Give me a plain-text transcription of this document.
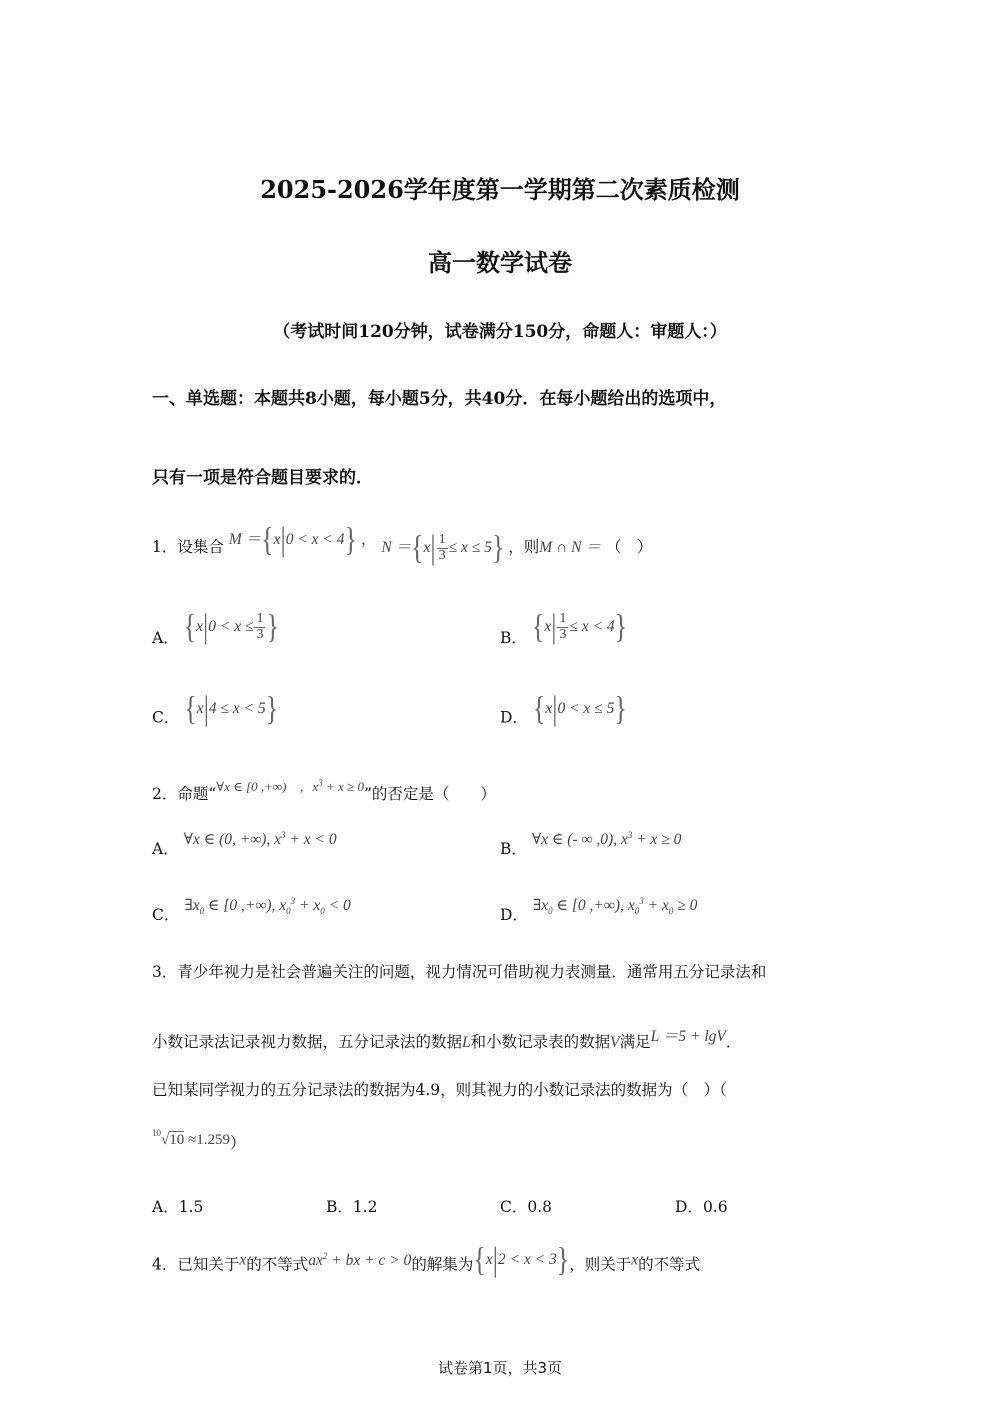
2025-2026学年度第一学期第二次素质检测
高一数学试卷
（考试时间120分钟，试卷满分150分，命题人：审题人：）
一、单选题：本题共8小题，每小题5分，共40分．在每小题给出的选项中，
只有一项是符合题目要求的．
1．设集合 M ＝{x|0 < x < 4} ， $N =\{x| \frac{1}{3} \le x \le 5\}$ ，则M ∩ N ＝ （　）
A． {$x|0 < x \le \frac{1}{3}$ }	B． $\{x| \frac{1}{3} \le x < 4\}$
C． {x|4 ≤ x < 5}	D． {x|0 < x ≤ 5}
2．命题“$^{\forall x \in [0 ,+\infty) ,x^3 + x \ge 0}$”的否定是（　　）
A． ∀x ∈ (0, +∞), $x^3 + x < 0$
B． ∀x ∈ (- ∞ ,0), $x^3 + x \ge 0$
C． $\exists x_0$ ∈ [0 ,+∞), $x_0^3 + x_0 < 0$
D． $\exists x_0$ ∈ [0 ,+∞), $x_0^3 + x_0 \ge 0$
3．青少年视力是社会普遍关注的问题，视力情况可借助视力表测量．通常用五分记录法和
小数记录法记录视力数据，五分记录法的数据L和小数记录表的数据V满足L ＝5 + lgV．
已知某同学视力的五分记录法的数据为4.9，则其视力的小数记录法的数据为（　）（
$^{10}$√10 ≈1.259）
A．1.5	B．1.2	C．0.8	D．0.6
4．已知关于x的不等式$ax^2$ + bx + c > 0的解集为{x|2 < x < 3}，则关于x的不等式
试卷第1页，共3页
